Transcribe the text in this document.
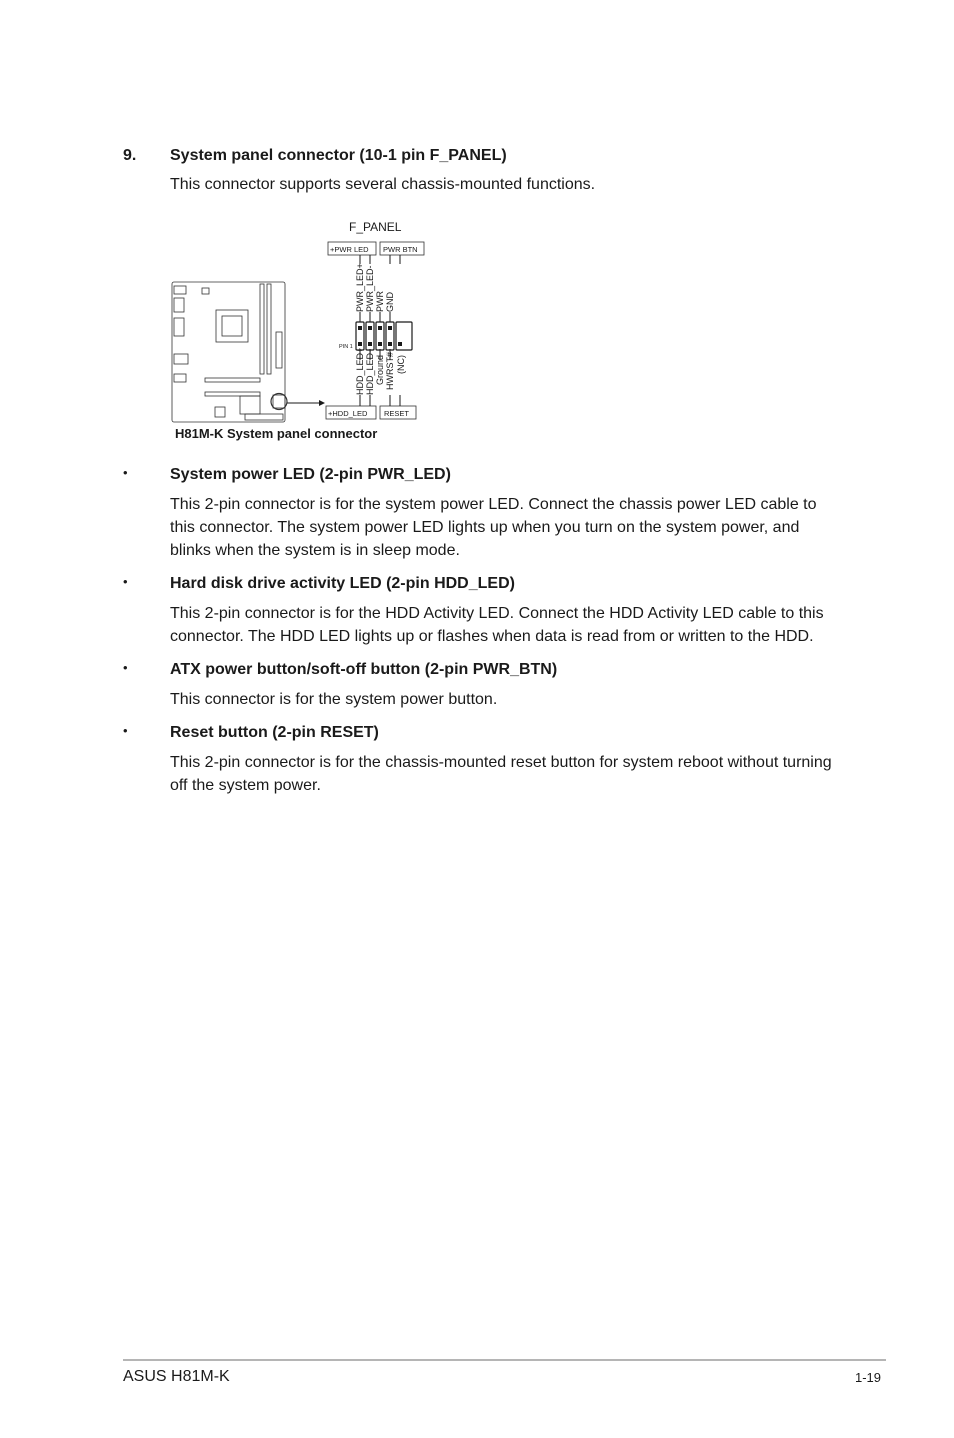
9. System panel connector (10-1 pin F_PANEL)
This connector supports several chassis-mounted functions.
F_PANEL
+PWR LED PWR BTN
+HDD_LED RESET
PIN 1
PWR_LED+ PWR_LED- PWR GND
HDD_LED+ HDD_LED- Ground HWRST# (NC)
H81M-K System panel connector
•	System power LED (2-pin PWR_LED)

This 2-pin connector is for the system power LED. Connect the chassis power LED cable to this connector. The system power LED lights up when you turn on the system power, and blinks when the system is in sleep mode.

•	Hard disk drive activity LED (2-pin HDD_LED)

This 2-pin connector is for the HDD Activity LED. Connect the HDD Activity LED cable to this connector. The HDD LED lights up or flashes when data is read from or written to the HDD.

•	ATX power button/soft-off button (2-pin PWR_BTN)

This connector is for the system power button.

•	Reset button (2-pin RESET)

This 2-pin connector is for the chassis-mounted reset button for system reboot without turning off the system power.

ASUS H81M-K	1-19
